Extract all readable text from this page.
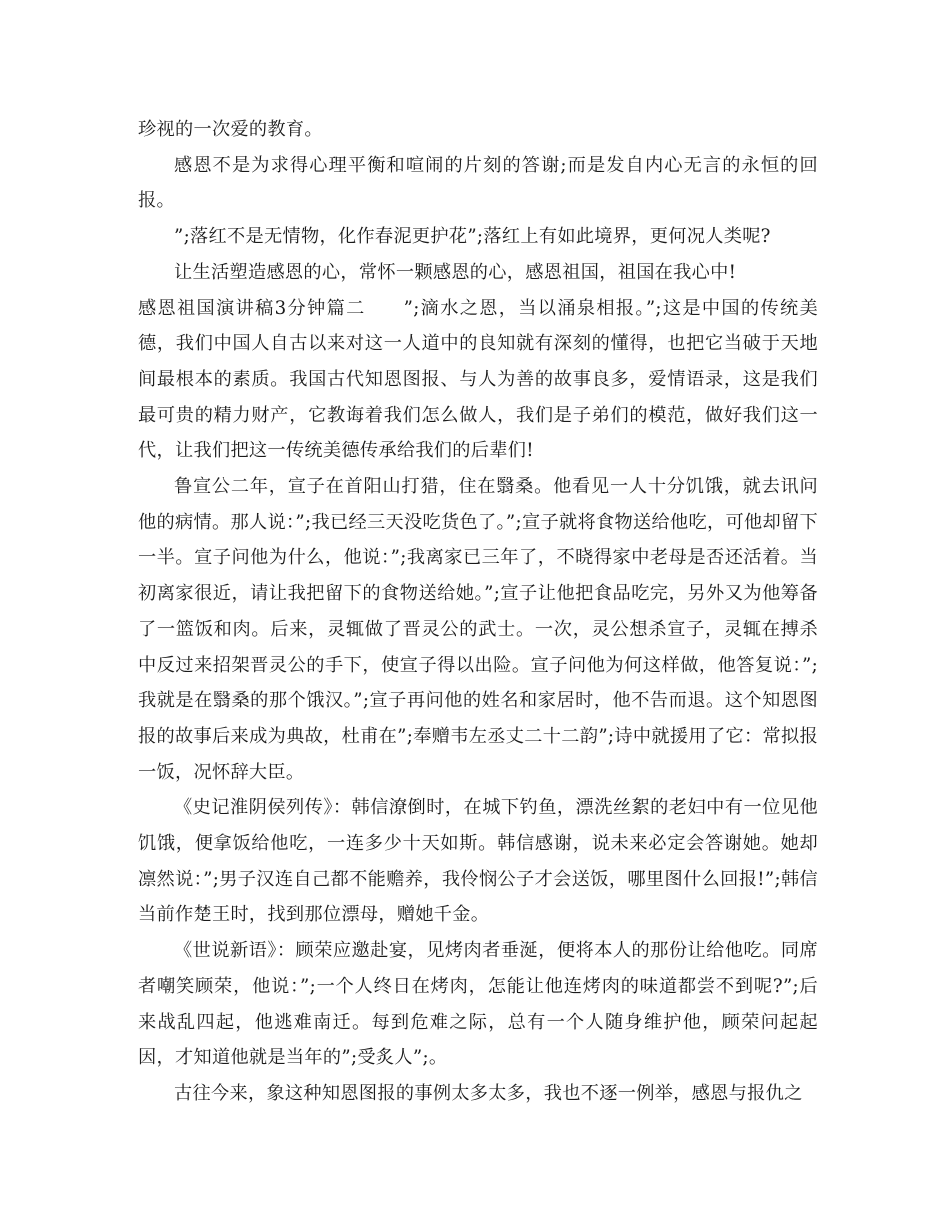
珍视的一次爱的教育。

感恩不是为求得心理平衡和喧闹的片刻的答谢;而是发自内心无言的永恒的回报。

”;落红不是无情物，化作春泥更护花”;落红上有如此境界，更何况人类呢?

让生活塑造感恩的心，常怀一颗感恩的心，感恩祖国，祖国在我心中!

感恩祖国演讲稿3分钟篇二 ”;滴水之恩，当以涌泉相报。”;这是中国的传统美德，我们中国人自古以来对这一人道中的良知就有深刻的懂得，也把它当破于天地间最根本的素质。我国古代知恩图报、与人为善的故事良多，爱情语录，这是我们最可贵的精力财产，它教诲着我们怎么做人，我们是子弟们的模范，做好我们这一代，让我们把这一传统美德传承给我们的后辈们!

鲁宣公二年，宣子在首阳山打猎，住在翳桑。他看见一人十分饥饿，就去讯问他的病情。那人说：”;我已经三天没吃货色了。”;宣子就将食物送给他吃，可他却留下一半。宣子问他为什么，他说：”;我离家已三年了，不晓得家中老母是否还活着。当初离家很近，请让我把留下的食物送给她。”;宣子让他把食品吃完，另外又为他筹备了一篮饭和肉。后来，灵辄做了晋灵公的武士。一次，灵公想杀宣子，灵辄在搏杀中反过来招架晋灵公的手下，使宣子得以出险。宣子问他为何这样做，他答复说：”;我就是在翳桑的那个饿汉。”;宣子再问他的姓名和家居时，他不告而退。这个知恩图报的故事后来成为典故，杜甫在”;奉赠韦左丞丈二十二韵”;诗中就援用了它：常拟报一饭，况怀辞大臣。

《史记淮阴侯列传》：韩信潦倒时，在城下钓鱼，漂洗丝絮的老妇中有一位见他饥饿，便拿饭给他吃，一连多少十天如斯。韩信感谢，说未来必定会答谢她。她却凛然说：”;男子汉连自己都不能赡养，我伶悯公子才会送饭，哪里图什么回报!”;韩信当前作楚王时，找到那位漂母，赠她千金。

《世说新语》：顾荣应邀赴宴，见烤肉者垂涎，便将本人的那份让给他吃。同席者嘲笑顾荣，他说：”;一个人终日在烤肉，怎能让他连烤肉的味道都尝不到呢?”;后来战乱四起，他逃难南迁。每到危难之际，总有一个人随身维护他，顾荣问起起因，才知道他就是当年的”;受炙人”;。

古往今来，象这种知恩图报的事例太多太多，我也不逐一例举，感恩与报仇之
